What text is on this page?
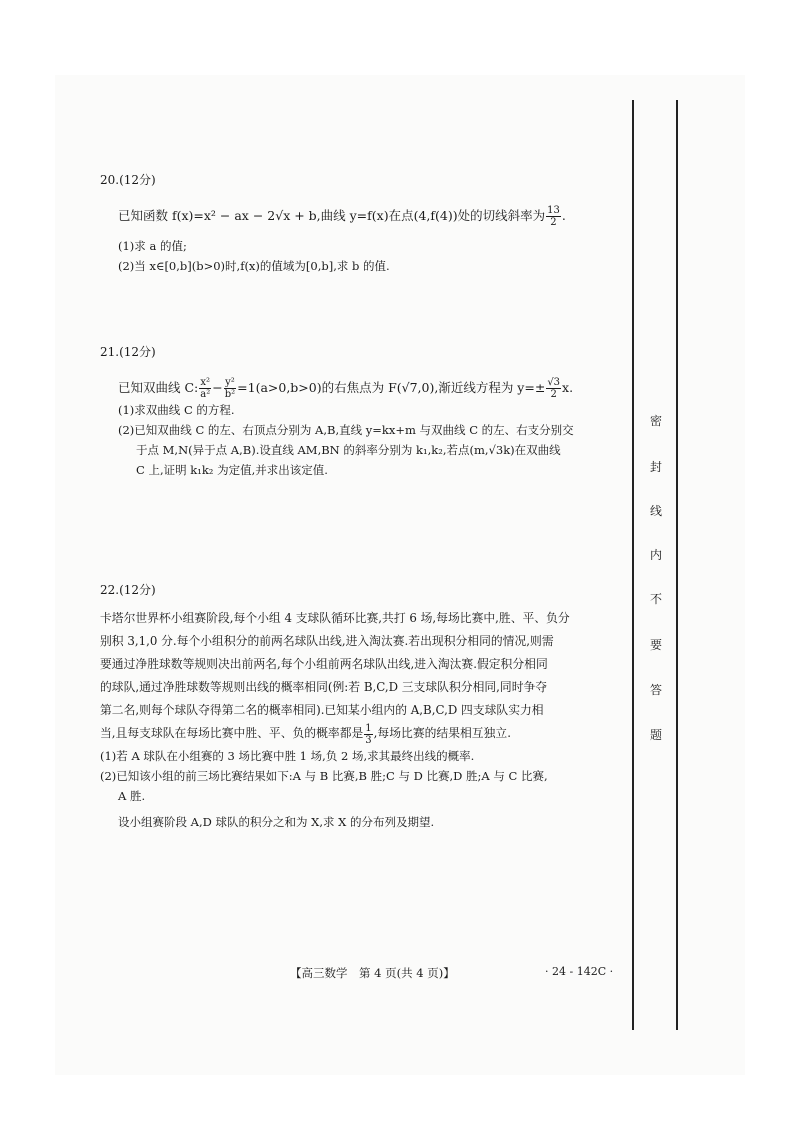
密
封
线
内
不
要
答
题
20.(12分)
已知函数 f(x)=x² − ax − 2√x + b,曲线 y=f(x)在点(4,f(4))处的切线斜率为 $\frac{13}{2}$ .
(1)求 a 的值;
(2)当 x∈[0,b](b>0)时,f(x)的值域为[0,b],求 b 的值.
21.(12分)
已知双曲线 C: $\frac{\text{x²}}{\text{a²}} - \frac{\text{y²}}{\text{b²}} =1(a>0,b>0)$的右焦点为 F(√7,0),渐近线方程为 $y=\pm \frac{√3}{2} x$.
(1)求双曲线 C 的方程.
(2)已知双曲线 C 的左、右顶点分别为 A,B,直线 y=kx+m 与双曲线 C 的左、右支分别交
于点 M,N(异于点 A,B).设直线 AM,BN 的斜率分别为 k₁,k₂,若点(m,√3k)在双曲线
C 上,证明 k₁k₂ 为定值,并求出该定值.
22.(12分)
卡塔尔世界杯小组赛阶段,每个小组 4 支球队循环比赛,共打 6 场,每场比赛中,胜、平、负分
别积 3,1,0 分.每个小组积分的前两名球队出线,进入淘汰赛.若出现积分相同的情况,则需
要通过净胜球数等规则决出前两名,每个小组前两名球队出线,进入淘汰赛.假定积分相同
的球队,通过净胜球数等规则出线的概率相同(例:若 B,C,D 三支球队积分相同,同时争夺
第二名,则每个球队夺得第二名的概率相同).已知某小组内的 A,B,C,D 四支球队实力相
当,且每支球队在每场比赛中胜、平、负的概率都是 $\frac{1}{3}$ ,每场比赛的结果相互独立.
(1)若 A 球队在小组赛的 3 场比赛中胜 1 场,负 2 场,求其最终出线的概率.
(2)已知该小组的前三场比赛结果如下:A 与 B 比赛,B 胜;C 与 D 比赛,D 胜;A 与 C 比赛,
A 胜.
设小组赛阶段 A,D 球队的积分之和为 X,求 X 的分布列及期望.
【高三数学　第 4 页(共 4 页)】	· 24 - 142C ·
